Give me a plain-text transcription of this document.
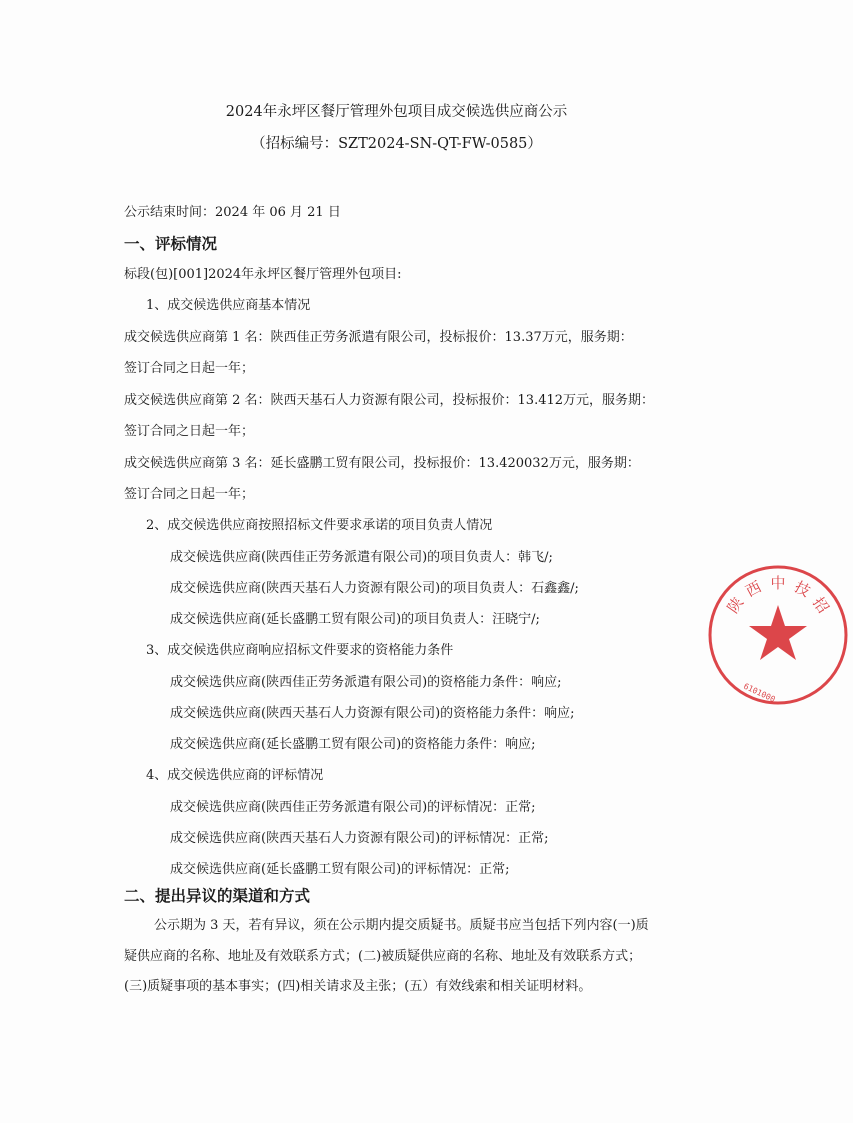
2024年永坪区餐厅管理外包项目成交候选供应商公示
（招标编号：SZT2024-SN-QT-FW-0585）
公示结束时间：2024 年 06 月 21 日
一、评标情况
标段(包)[001]2024年永坪区餐厅管理外包项目:
1、成交候选供应商基本情况
成交候选供应商第 1 名：陕西佳正劳务派遣有限公司，投标报价：13.37万元，服务期：
签订合同之日起一年；
成交候选供应商第 2 名：陕西天基石人力资源有限公司，投标报价：13.412万元，服务期：
签订合同之日起一年；
成交候选供应商第 3 名：延长盛鹏工贸有限公司，投标报价：13.420032万元，服务期：
签订合同之日起一年；
2、成交候选供应商按照招标文件要求承诺的项目负责人情况
成交候选供应商(陕西佳正劳务派遣有限公司)的项目负责人：韩飞/;
成交候选供应商(陕西天基石人力资源有限公司)的项目负责人：石鑫鑫/;
成交候选供应商(延长盛鹏工贸有限公司)的项目负责人：汪晓宁/;
3、成交候选供应商响应招标文件要求的资格能力条件
成交候选供应商(陕西佳正劳务派遣有限公司)的资格能力条件：响应;
成交候选供应商(陕西天基石人力资源有限公司)的资格能力条件：响应;
成交候选供应商(延长盛鹏工贸有限公司)的资格能力条件：响应;
4、成交候选供应商的评标情况
成交候选供应商(陕西佳正劳务派遣有限公司)的评标情况：正常;
成交候选供应商(陕西天基石人力资源有限公司)的评标情况：正常;
成交候选供应商(延长盛鹏工贸有限公司)的评标情况：正常;
二、提出异议的渠道和方式
公示期为 3 天，若有异议，须在公示期内提交质疑书。质疑书应当包括下列内容(一)质
疑供应商的名称、地址及有效联系方式；(二)被质疑供应商的名称、地址及有效联系方式；
(三)质疑事项的基本事实；(四)相关请求及主张；(五）有效线索和相关证明材料。
陕
西 中 技
招
6101000
